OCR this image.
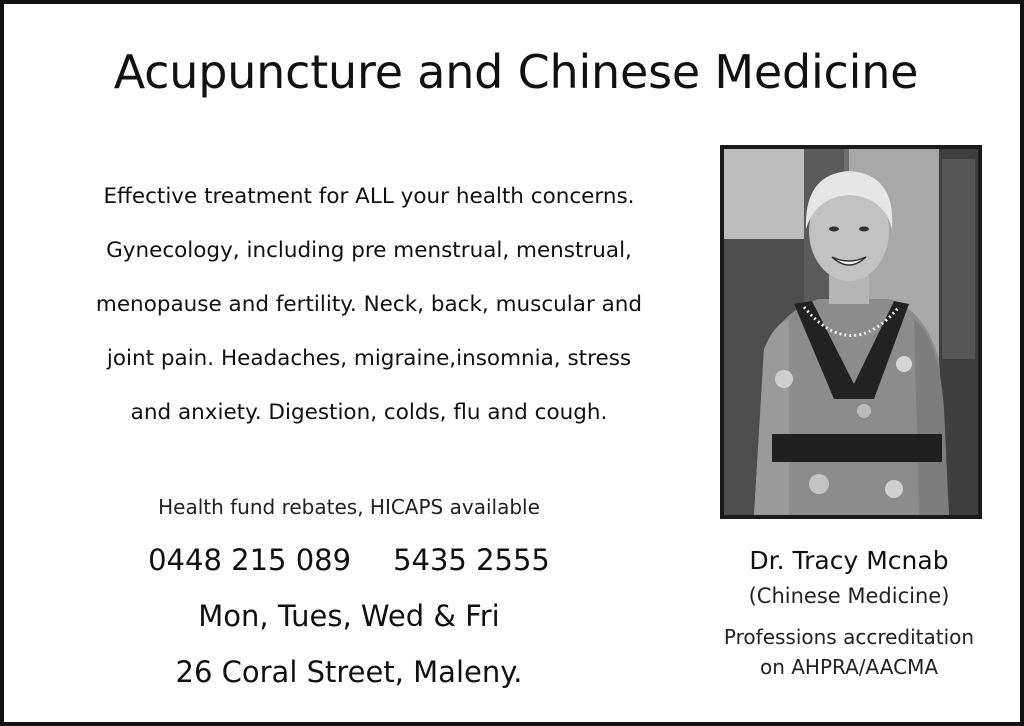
Acupuncture and Chinese Medicine
Effective treatment for ALL your health concerns.
Gynecology, including pre menstrual, menstrual,
menopause and fertility. Neck, back, muscular and
joint pain. Headaches, migraine,insomnia, stress
and anxiety. Digestion, colds, flu and cough.
Health fund rebates, HICAPS available
0448 215 089 5435 2555
Mon, Tues, Wed & Fri
26 Coral Street, Maleny.
Dr. Tracy Mcnab
(Chinese Medicine)
Professions accreditation
on AHPRA/AACMA
